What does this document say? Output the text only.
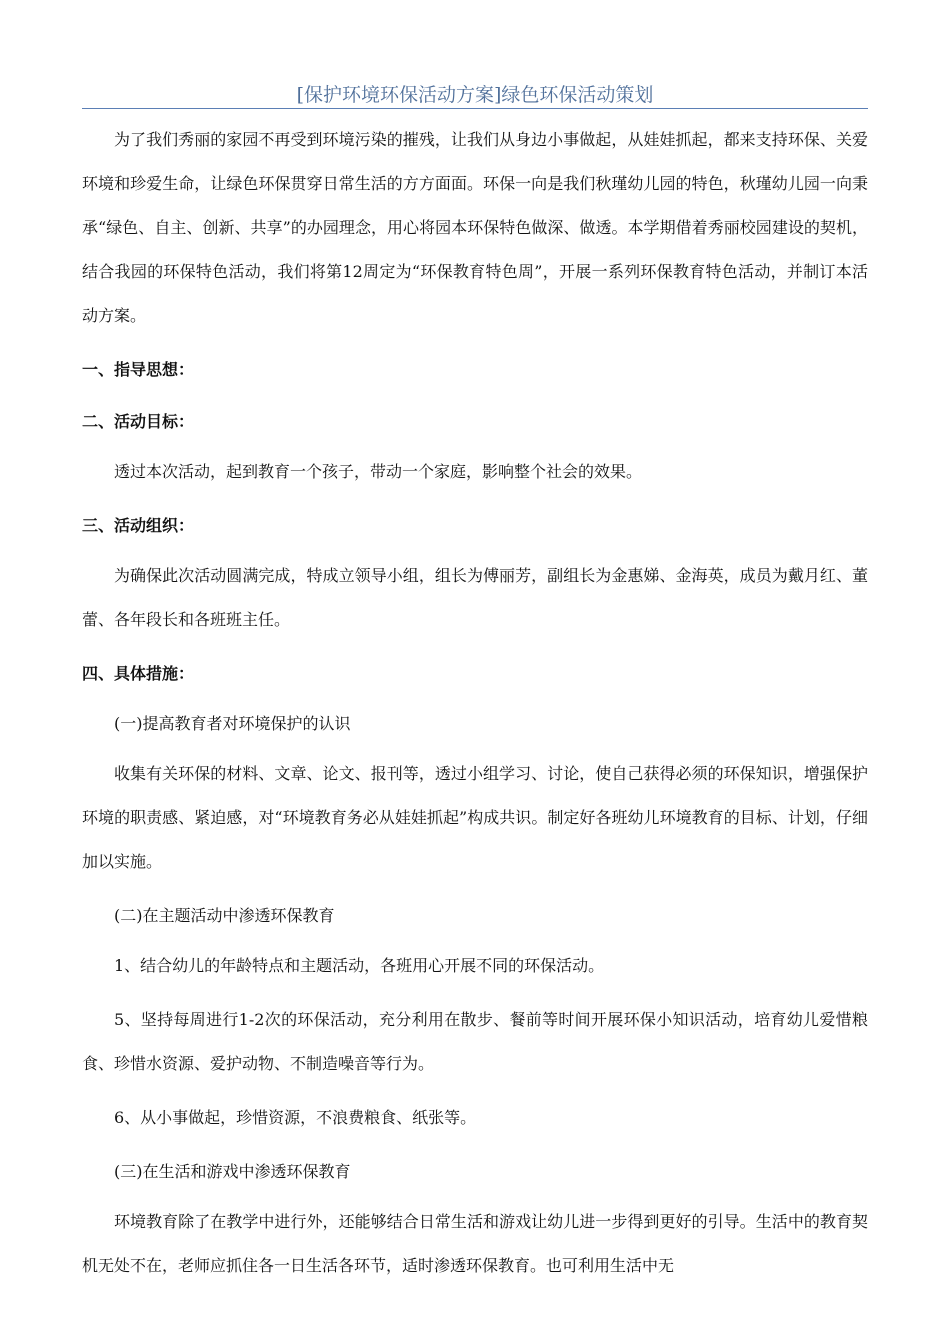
[保护环境环保活动方案]绿色环保活动策划

为了我们秀丽的家园不再受到环境污染的摧残，让我们从身边小事做起，从娃娃抓起，都来支持环保、关爱环境和珍爱生命，让绿色环保贯穿日常生活的方方面面。环保一向是我们秋瑾幼儿园的特色，秋瑾幼儿园一向秉承“绿色、自主、创新、共享”的办园理念，用心将园本环保特色做深、做透。本学期借着秀丽校园建设的契机，结合我园的环保特色活动，我们将第12周定为“环保教育特色周”，开展一系列环保教育特色活动，并制订本活动方案。

一、指导思想：
二、活动目标：

透过本次活动，起到教育一个孩子，带动一个家庭，影响整个社会的效果。

三、活动组织：

为确保此次活动圆满完成，特成立领导小组，组长为傅丽芳，副组长为金惠娣、金海英，成员为戴月红、董蕾、各年段长和各班班主任。

四、具体措施：
(一)提高教育者对环境保护的认识

收集有关环保的材料、文章、论文、报刊等，透过小组学习、讨论，使自己获得必须的环保知识，增强保护环境的职责感、紧迫感，对“环境教育务必从娃娃抓起”构成共识。制定好各班幼儿环境教育的目标、计划，仔细加以实施。

(二)在主题活动中渗透环保教育

1、结合幼儿的年龄特点和主题活动，各班用心开展不同的环保活动。

5、坚持每周进行1-2次的环保活动，充分利用在散步、餐前等时间开展环保小知识活动，培育幼儿爱惜粮食、珍惜水资源、爱护动物、不制造噪音等行为。

6、从小事做起，珍惜资源，不浪费粮食、纸张等。

(三)在生活和游戏中渗透环保教育

环境教育除了在教学中进行外，还能够结合日常生活和游戏让幼儿进一步得到更好的引导。生活中的教育契机无处不在，老师应抓住各一日生活各环节，适时渗透环保教育。也可利用生活中无
